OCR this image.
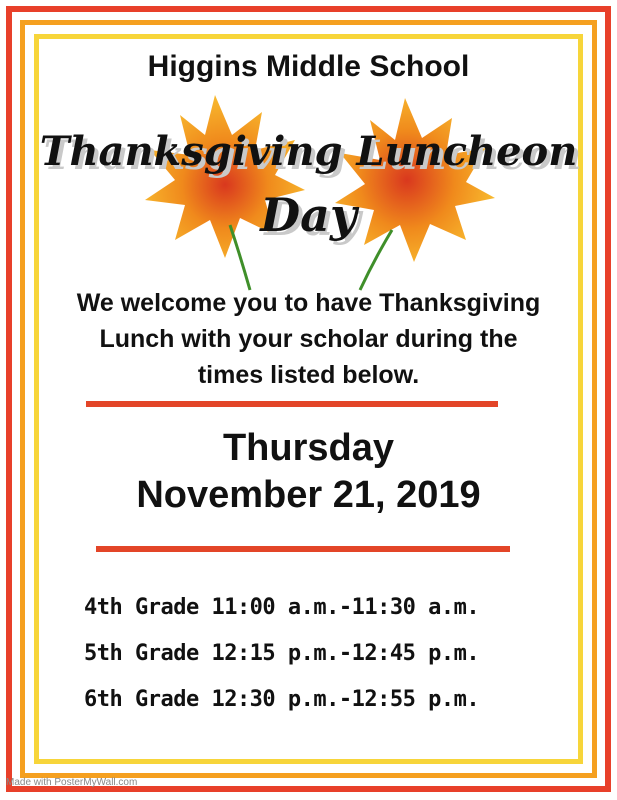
Higgins Middle School
Thanksgiving Luncheon
Day
We welcome you to have Thanksgiving Lunch with your scholar during the times listed below.
Thursday
November 21, 2019
4th Grade 11:00 a.m.-11:30 a.m.
5th Grade 12:15 p.m.-12:45 p.m.
6th Grade 12:30 p.m.-12:55 p.m.
Made with PosterMyWall.com
